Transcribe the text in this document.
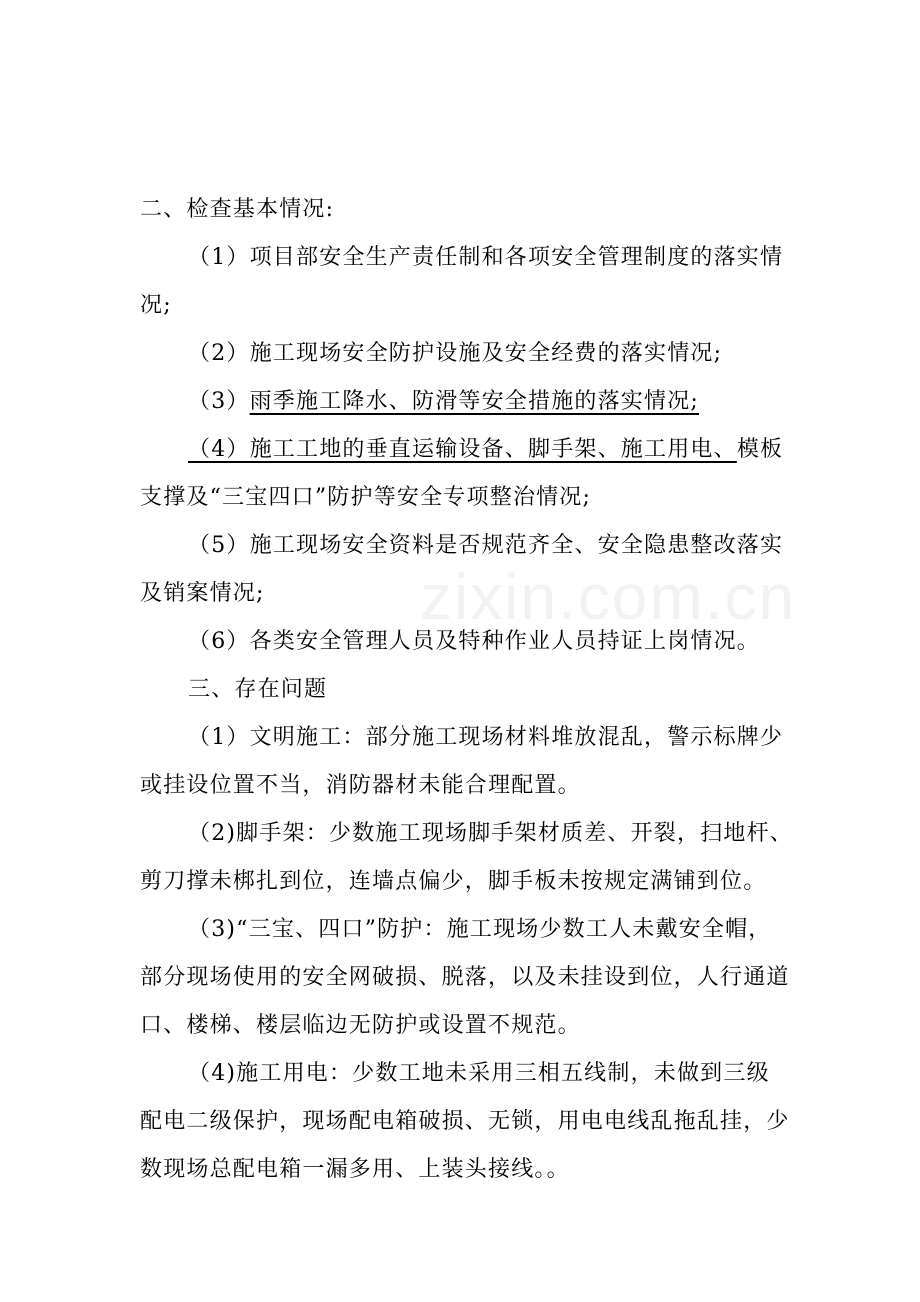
zixin.com.cn
二、检查基本情况:
（1）项目部安全生产责任制和各项安全管理制度的落实情
况;
（2）施工现场安全防护设施及安全经费的落实情况;
（3）雨季施工降水、防滑等安全措施的落实情况;
（4）施工工地的垂直运输设备、脚手架、施工用电、模板
支撑及“三宝四口”防护等安全专项整治情况;
（5）施工现场安全资料是否规范齐全、安全隐患整改落实
及销案情况;
（6）各类安全管理人员及特种作业人员持证上岗情况。
三、存在问题
（1）文明施工：部分施工现场材料堆放混乱，警示标牌少
或挂设位置不当，消防器材未能合理配置。
（2)脚手架：少数施工现场脚手架材质差、开裂，扫地杆、
剪刀撑未梆扎到位，连墙点偏少，脚手板未按规定满铺到位。
（3)“三宝、四口”防护：施工现场少数工人未戴安全帽，
部分现场使用的安全网破损、脱落，以及未挂设到位，人行通道
口、楼梯、楼层临边无防护或设置不规范。
（4)施工用电：少数工地未采用三相五线制，未做到三级
配电二级保护，现场配电箱破损、无锁，用电电线乱拖乱挂，少
数现场总配电箱一漏多用、上装头接线。。
